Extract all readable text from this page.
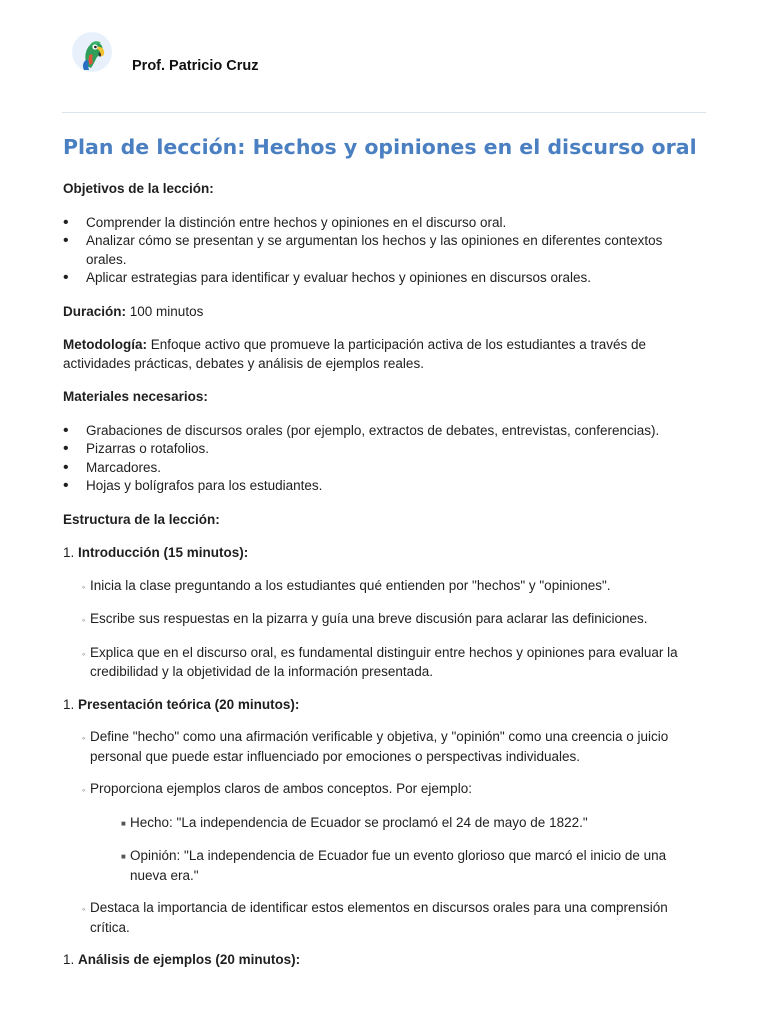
Prof. Patricio Cruz
Plan de lección: Hechos y opiniones en el discurso oral

Objetivos de la lección:

• Comprender la distinción entre hechos y opiniones en el discurso oral.
• Analizar cómo se presentan y se argumentan los hechos y las opiniones en diferentes contextos orales.
• Aplicar estrategias para identificar y evaluar hechos y opiniones en discursos orales.

Duración: 100 minutos

Metodología: Enfoque activo que promueve la participación activa de los estudiantes a través de actividades prácticas, debates y análisis de ejemplos reales.

Materiales necesarios:

• Grabaciones de discursos orales (por ejemplo, extractos de debates, entrevistas, conferencias).
• Pizarras o rotafolios.
• Marcadores.
• Hojas y bolígrafos para los estudiantes.

Estructura de la lección:

1. Introducción (15 minutos):

◦ Inicia la clase preguntando a los estudiantes qué entienden por "hechos" y "opiniones".
◦ Escribe sus respuestas en la pizarra y guía una breve discusión para aclarar las definiciones.
◦ Explica que en el discurso oral, es fundamental distinguir entre hechos y opiniones para evaluar la credibilidad y la objetividad de la información presentada.

1. Presentación teórica (20 minutos):

◦ Define "hecho" como una afirmación verificable y objetiva, y "opinión" como una creencia o juicio personal que puede estar influenciado por emociones o perspectivas individuales.
◦ Proporciona ejemplos claros de ambos conceptos. Por ejemplo:
■ Hecho: "La independencia de Ecuador se proclamó el 24 de mayo de 1822."
■ Opinión: "La independencia de Ecuador fue un evento glorioso que marcó el inicio de una nueva era."
◦ Destaca la importancia de identificar estos elementos en discursos orales para una comprensión crítica.

1. Análisis de ejemplos (20 minutos):
